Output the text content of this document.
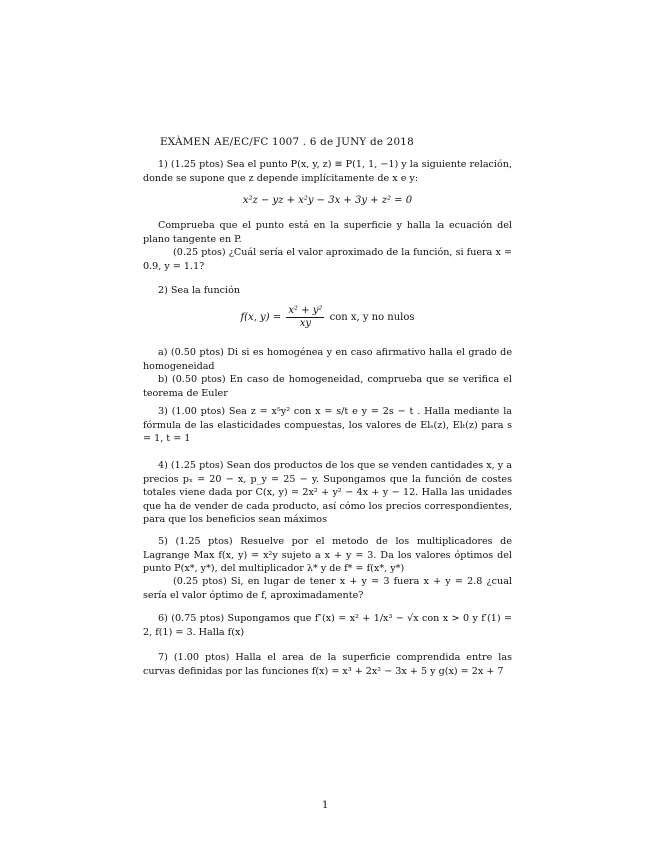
EXÀMEN AE/EC/FC 1007 . 6 de JUNY de 2018

1) (1.25 ptos) Sea el punto P(x, y, z) ≡ P(1, 1, −1) y la siguiente relación, donde se supone que z depende implícitamente de x e y:

x²z − yz + x²y − 3x + 3y + z² = 0

Comprueba que el punto está en la superficie y halla la ecuación del plano tangente en P.

(0.25 ptos) ¿Cuál sería el valor aproximado de la función, si fuera x = 0.9, y = 1.1?

2) Sea la función

f(x, $y) = \frac{\text{x² + y²}}{xy}$ con x, y no nulos

a) (0.50 ptos) Di si es homogénea y en caso afirmativo halla el grado de homogeneidad

b) (0.50 ptos) En caso de homogeneidad, comprueba que se verifica el teorema de Euler

3) (1.00 ptos) Sea z = x⁵y² con x = s/t e y = 2s − t . Halla mediante la fórmula de las elasticidades compuestas, los valores de Elₛ(z), Elₜ(z) para s = 1, t = 1

4) (1.25 ptos) Sean dos productos de los que se venden cantidades x, y a precios pₓ = 20 − x, p_y = 25 − y. Supongamos que la función de costes totales viene dada por C(x, y) = 2x² + y² − 4x + y − 12. Halla las unidades que ha de vender de cada producto, así cómo los precios correspondientes, para que los beneficios sean máximos

5) (1.25 ptos) Resuelve por el metodo de los multiplicadores de Lagrange Max f(x, y) = x²y sujeto a x + y = 3. Da los valores óptimos del punto P(x*, y*), del multiplicador λ* y de f* = f(x*, y*)

(0.25 ptos) Si, en lugar de tener x + y = 3 fuera x + y = 2.8 ¿cual sería el valor óptimo de f, aproximadamente?

6) (0.75 ptos) Supongamos que f″(x) = x² + 1/x³ − √x con x > 0 y f′(1) = 2, f(1) = 3. Halla f(x)

7) (1.00 ptos) Halla el area de la superficie comprendida entre las curvas definidas por las funciones f(x) = x³ + 2x² − 3x + 5 y g(x) = 2x + 7

1
